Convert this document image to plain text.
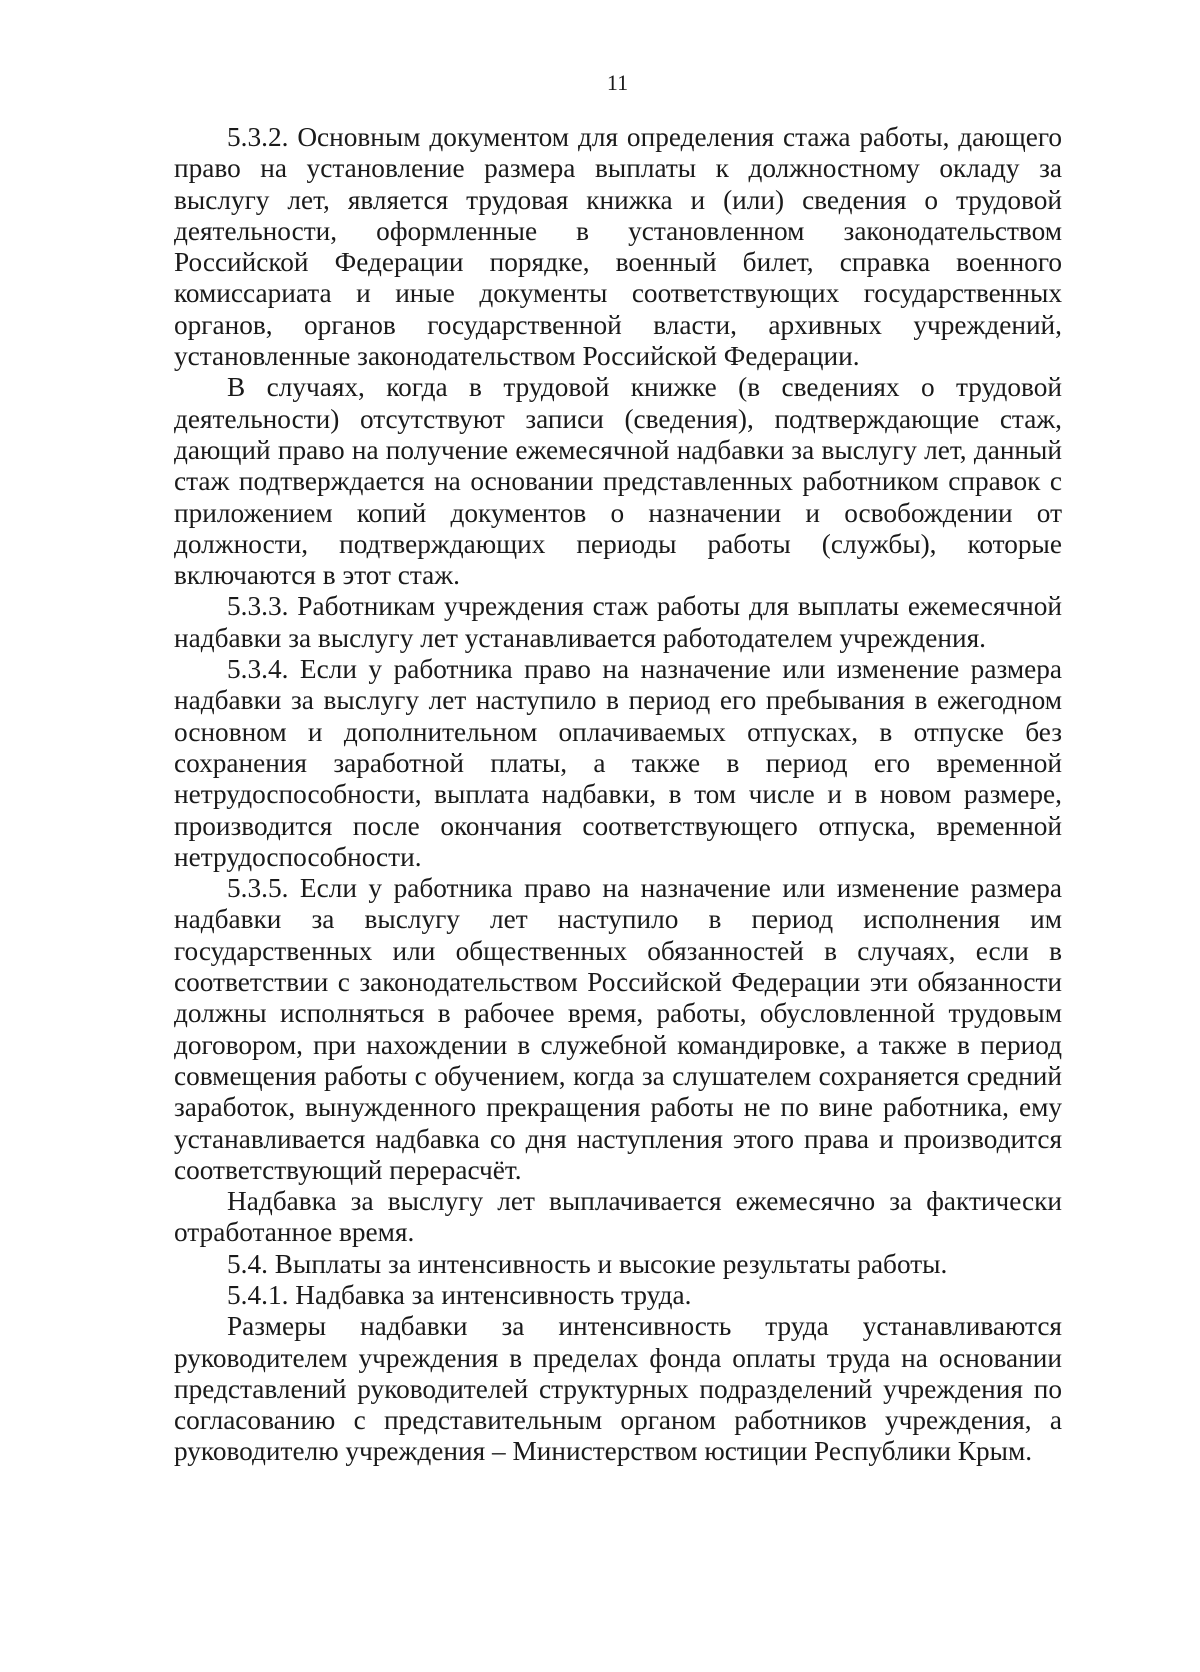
11

5.3.2. Основным документом для определения стажа работы, дающего право на установление размера выплаты к должностному окладу за выслугу лет, является трудовая книжка и (или) сведения о трудовой деятельности, оформленные в установленном законодательством Российской Федерации порядке, военный билет, справка военного комиссариата и иные документы соответствующих государственных органов, органов государственной власти, архивных учреждений, установленные законодательством Российской Федерации.

В случаях, когда в трудовой книжке (в сведениях о трудовой деятельности) отсутствуют записи (сведения), подтверждающие стаж, дающий право на получение ежемесячной надбавки за выслугу лет, данный стаж подтверждается на основании представленных работником справок с приложением копий документов о назначении и освобождении от должности, подтверждающих периоды работы (службы), которые включаются в этот стаж.

5.3.3. Работникам учреждения стаж работы для выплаты ежемесячной надбавки за выслугу лет устанавливается работодателем учреждения.

5.3.4. Если у работника право на назначение или изменение размера надбавки за выслугу лет наступило в период его пребывания в ежегодном основном и дополнительном оплачиваемых отпусках, в отпуске без сохранения заработной платы, а также в период его временной нетрудоспособности, выплата надбавки, в том числе и в новом размере, производится после окончания соответствующего отпуска, временной нетрудоспособности.

5.3.5. Если у работника право на назначение или изменение размера надбавки за выслугу лет наступило в период исполнения им государственных или общественных обязанностей в случаях, если в соответствии с законодательством Российской Федерации эти обязанности должны исполняться в рабочее время, работы, обусловленной трудовым договором, при нахождении в служебной командировке, а также в период совмещения работы с обучением, когда за слушателем сохраняется средний заработок, вынужденного прекращения работы не по вине работника, ему устанавливается надбавка со дня наступления этого права и производится соответствующий перерасчёт.

Надбавка за выслугу лет выплачивается ежемесячно за фактически отработанное время.

5.4. Выплаты за интенсивность и высокие результаты работы.

5.4.1. Надбавка за интенсивность труда.

Размеры надбавки за интенсивность труда устанавливаются руководителем учреждения в пределах фонда оплаты труда на основании представлений руководителей структурных подразделений учреждения по согласованию с представительным органом работников учреждения, а руководителю учреждения – Министерством юстиции Республики Крым.
